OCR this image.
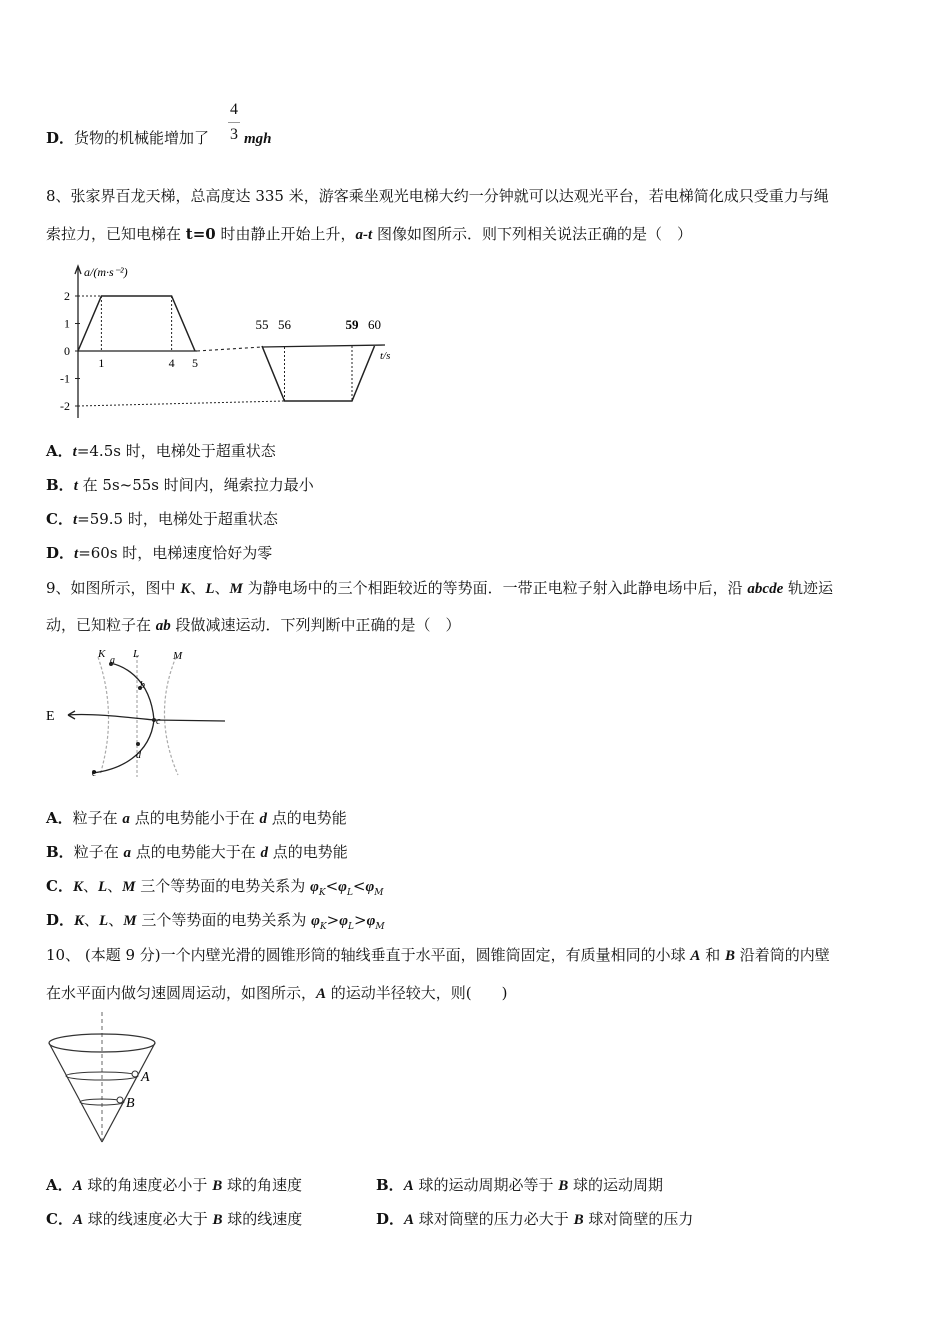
D．货物的机械能增加了
4
3 mgh
8、张家界百龙天梯，总高度达 335 米，游客乘坐观光电梯大约一分钟就可以达观光平台，若电梯简化成只受重力与绳
索拉力，已知电梯在 t=0 时由静止开始上升，a-t 图像如图所示．则下列相关说法正确的是（　）
2
1
0
-1
-2
a/(m·s⁻²)
t/s
1	4 5
55 56	59 60
A．t=4.5s 时，电梯处于超重状态
B．t 在 5s~55s 时间内，绳索拉力最小
C．t=59.5 时，电梯处于超重状态
D．t=60s 时，电梯速度恰好为零
9、如图所示，图中 K、L、M 为静电场中的三个相距较近的等势面．一带正电粒子射入此静电场中后，沿 abcde 轨迹运
动，已知粒子在 ab 段做减速运动．下列判断中正确的是（　）
K	L	M
E
a
b
c
d
e
A．粒子在 a 点的电势能小于在 d 点的电势能
B．粒子在 a 点的电势能大于在 d 点的电势能
C．K、L、M 三个等势面的电势关系为 $\varphi_K<\varphi_L<\varphi_M$
D．K、L、M 三个等势面的电势关系为 $\varphi_K>\varphi_L>\varphi_M$
10、 (本题 9 分)一个内壁光滑的圆锥形筒的轴线垂直于水平面，圆锥筒固定，有质量相同的小球 A 和 B 沿着筒的内壁
在水平面内做匀速圆周运动，如图所示，A 的运动半径较大，则(　　)
A
B
A．A 球的角速度必小于 B 球的角速度	B．A 球的运动周期必等于 B 球的运动周期
C．A 球的线速度必大于 B 球的线速度	D．A 球对筒壁的压力必大于 B 球对筒壁的压力
